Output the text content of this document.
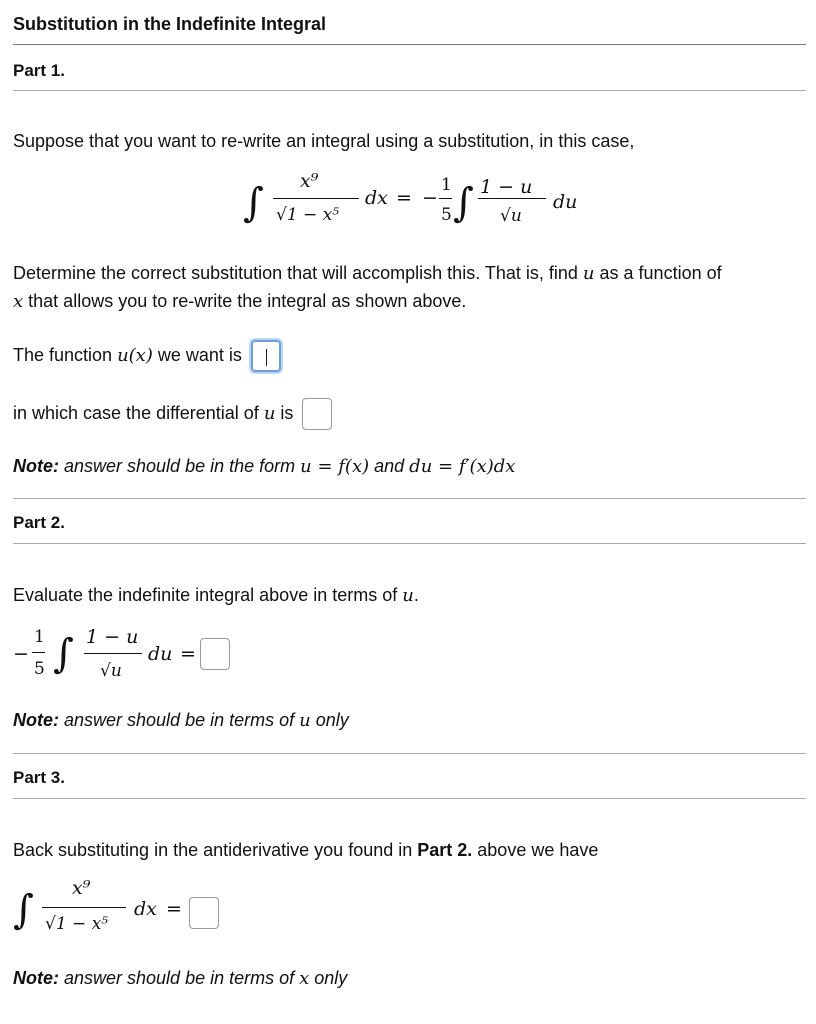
Substitution in the Indefinite Integral
Part 1.
Suppose that you want to re-write an integral using a substitution, in this case,
∫ x⁹
√1 − x⁵
dx = −
1
5 ∫ 1 − u
√u
du
Determine the correct substitution that will accomplish this. That is, find u as a function of
x that allows you to re-write the integral as shown above.
The function u(x) we want is
in which case the differential of u is
Note: answer should be in the form u = f(x) and du = f′(x)dx
Part 2.
Evaluate the indefinite integral above in terms of u.
−
1
5 ∫ 1 − u
√u
du =
Note: answer should be in terms of u only
Part 3.
Back substituting in the antiderivative you found in Part 2. above we have
∫ x⁹
√1 − x⁵
dx =
Note: answer should be in terms of x only
